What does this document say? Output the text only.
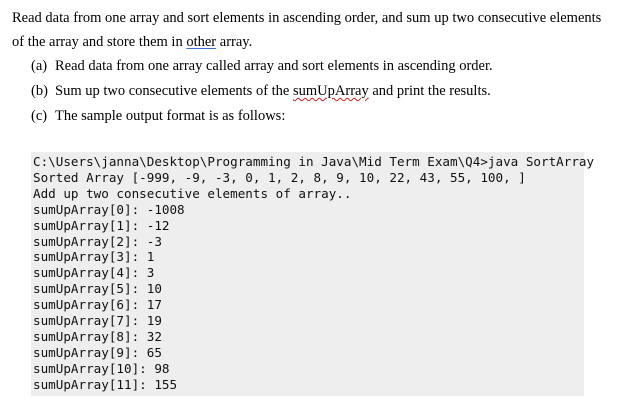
Read data from one array and sort elements in ascending order, and sum up two consecutive elements
of the array and store them in other array.
(a) Read data from one array called array and sort elements in ascending order.
(b) Sum up two consecutive elements of the sumUpArray and print the results.
(c) The sample output format is as follows:
C:\Users\janna\Desktop\Programming in Java\Mid Term Exam\Q4>java SortArray
Sorted Array [-999, -9, -3, 0, 1, 2, 8, 9, 10, 22, 43, 55, 100, ]
Add up two consecutive elements of array..
sumUpArray[0]: -1008
sumUpArray[1]: -12
sumUpArray[2]: -3
sumUpArray[3]: 1
sumUpArray[4]: 3
sumUpArray[5]: 10
sumUpArray[6]: 17
sumUpArray[7]: 19
sumUpArray[8]: 32
sumUpArray[9]: 65
sumUpArray[10]: 98
sumUpArray[11]: 155
